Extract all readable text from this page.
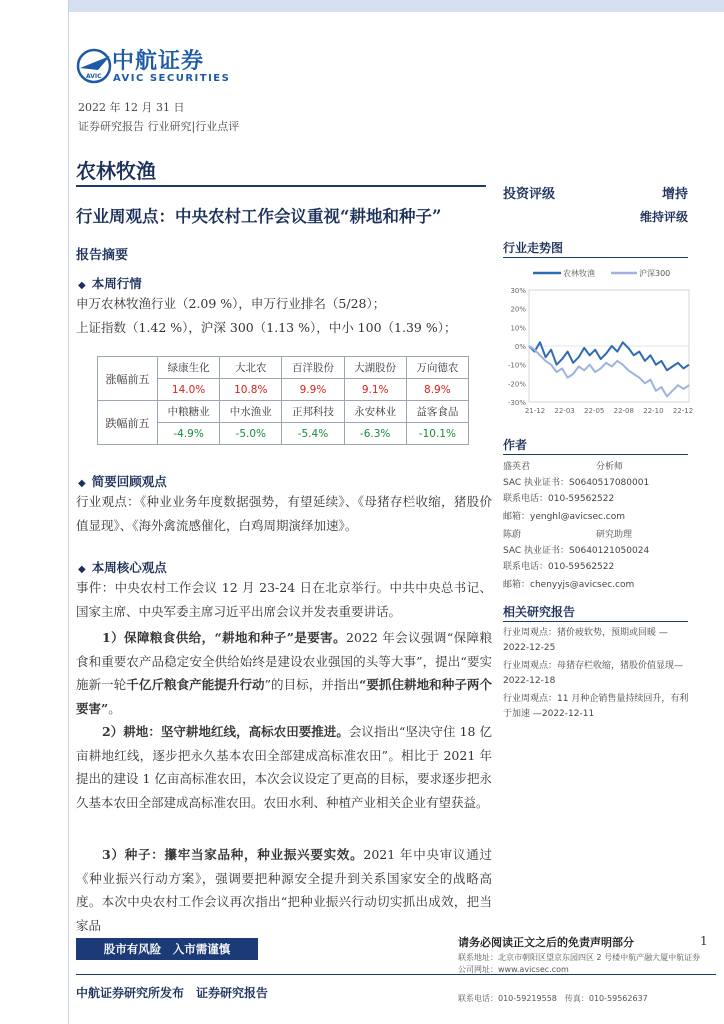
AVIC
中航证券
AVIC SECURITIES
2022 年 12 月 31 日
证券研究报告 行业研究|行业点评
农林牧渔
行业周观点：中央农村工作会议重视“耕地和种子”
报告摘要
◆ 本周行情
申万农林牧渔行业（2.09 %），申万行业排名（5/28）；
上证指数（1.42 %），沪深 300（1.13 %），中小 100（1.39 %）；
涨幅前五	绿康生化	大北农	百洋股份	大湖股份	万向德农
	14.0%	10.8%	9.9%	9.1%	8.9%
跌幅前五	中粮糖业	中水渔业	正邦科技	永安林业	益客食品
	-4.9%	-5.0%	-5.4%	-6.3%	-10.1%
◆ 简要回顾观点
行业观点：《种业业务年度数据强势，有望延续》、《母猪存栏收缩，猪股价值显现》、《海外禽流感催化，白鸡周期演绎加速》。
◆ 本周核心观点
事件：中央农村工作会议 12 月 23-24 日在北京举行。中共中央总书记、国家主席、中央军委主席习近平出席会议并发表重要讲话。
1）保障粮食供给，“耕地和种子”是要害。2022 年会议强调“保障粮食和重要农产品稳定安全供给始终是建设农业强国的头等大事”，提出“要实施新一轮千亿斤粮食产能提升行动”的目标，并指出“要抓住耕地和种子两个要害”。
2）耕地：坚守耕地红线，高标农田要推进。会议指出“坚决守住 18 亿亩耕地红线，逐步把永久基本农田全部建成高标准农田”。相比于 2021 年提出的建设 1 亿亩高标准农田，本次会议设定了更高的目标，要求逐步把永久基本农田全部建成高标准农田。农田水利、种植产业相关企业有望获益。
3）种子：攥牢当家品种，种业振兴要实效。2021 年中央审议通过《种业振兴行动方案》，强调要把种源安全提升到关系国家安全的战略高度。本次中央农村工作会议再次指出“把种业振兴行动切实抓出成效，把当家品
投资评级	增持
维持评级
行业走势图
农林牧渔	沪深300
30%
20%
10%
0%
-10%
-20%
-30%
21-12 22-03 22-05 22-08 22-10 22-12
作者
盛英君	分析师
SAC 执业证书：S0640517080001
联系电话：010-59562522
邮箱：yenghl@avicsec.com
陈蔚	研究助理
SAC 执业证书：S0640121050024
联系电话：010-59562522
邮箱：chenyyjs@avicsec.com
相关研究报告
行业周观点：猪价疲软势，预期或回暖 —2022-12-25
行业周观点：母猪存栏收缩，猪股价值显现—2022-12-18
行业周观点：11 月种企销售量持续回升，有利于加速 —2022-12-11
股市有风险　入市需谨慎	请务必阅读正文之后的免责声明部分	1
联系地址：北京市朝阳区望京东园四区 2 号楼中航产融大厦中航证券
公司网址：www.avicsec.com
中航证券研究所发布　证券研究报告	联系电话：010-59219558　传真：010-59562637
